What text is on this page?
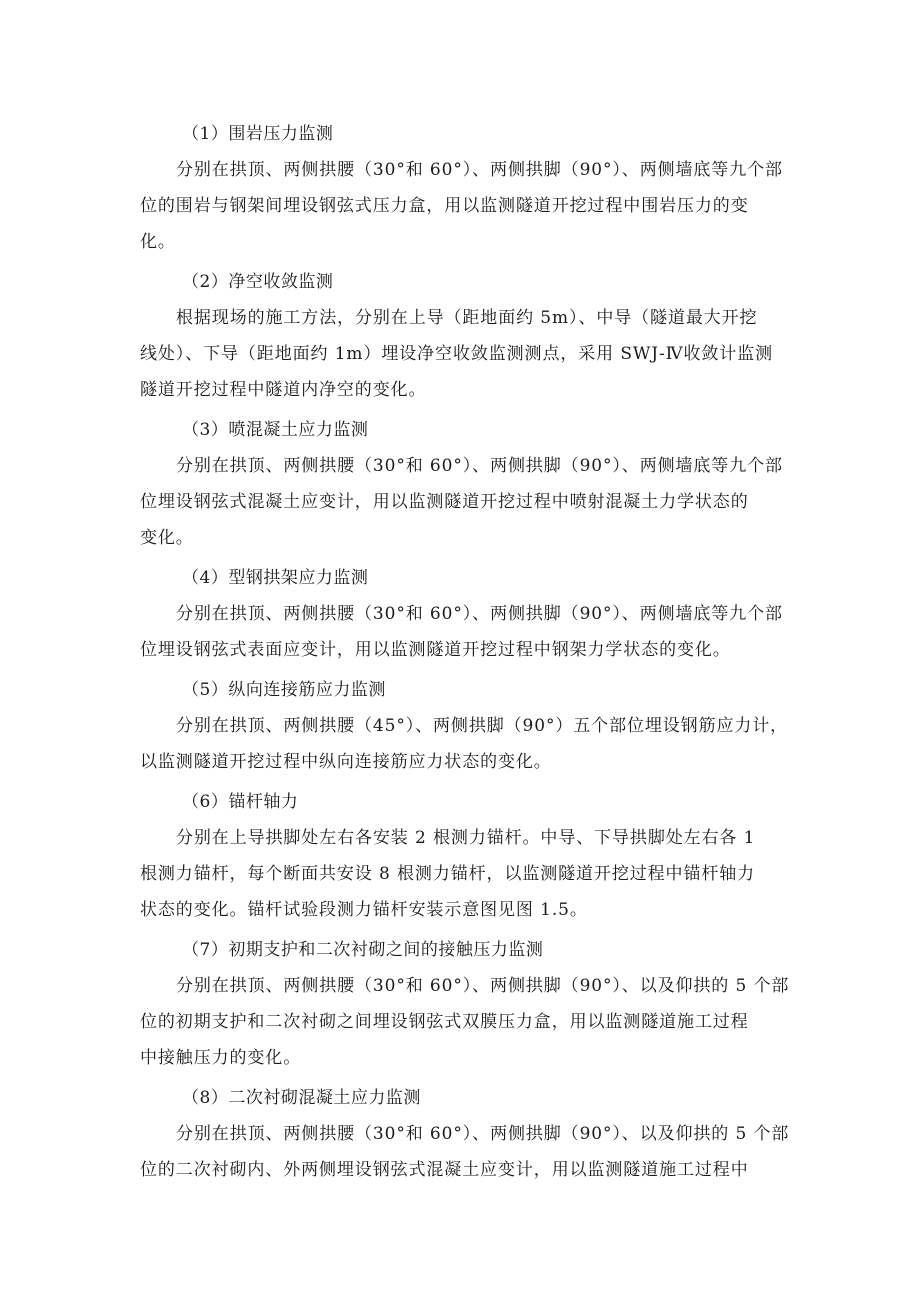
（1）围岩压力监测

分别在拱顶、两侧拱腰（30°和 60°）、两侧拱脚（90°）、两侧墙底等九个部
位的围岩与钢架间埋设钢弦式压力盒，用以监测隧道开挖过程中围岩压力的变
化。

（2）净空收敛监测

根据现场的施工方法，分别在上导（距地面约 5m）、中导（隧道最大开挖
线处）、下导（距地面约 1m）埋设净空收敛监测测点，采用 SWJ-Ⅳ收敛计监测
隧道开挖过程中隧道内净空的变化。

（3）喷混凝土应力监测

分别在拱顶、两侧拱腰（30°和 60°）、两侧拱脚（90°）、两侧墙底等九个部
位埋设钢弦式混凝土应变计，用以监测隧道开挖过程中喷射混凝土力学状态的
变化。

（4）型钢拱架应力监测

分别在拱顶、两侧拱腰（30°和 60°）、两侧拱脚（90°）、两侧墙底等九个部
位埋设钢弦式表面应变计，用以监测隧道开挖过程中钢架力学状态的变化。

（5）纵向连接筋应力监测

分别在拱顶、两侧拱腰（45°）、两侧拱脚（90°）五个部位埋设钢筋应力计，
以监测隧道开挖过程中纵向连接筋应力状态的变化。

（6）锚杆轴力

分别在上导拱脚处左右各安装 2 根测力锚杆。中导、下导拱脚处左右各 1
根测力锚杆，每个断面共安设 8 根测力锚杆，以监测隧道开挖过程中锚杆轴力
状态的变化。锚杆试验段测力锚杆安装示意图见图 1.5。

（7）初期支护和二次衬砌之间的接触压力监测

分别在拱顶、两侧拱腰（30°和 60°）、两侧拱脚（90°）、以及仰拱的 5 个部
位的初期支护和二次衬砌之间埋设钢弦式双膜压力盒，用以监测隧道施工过程
中接触压力的变化。

（8）二次衬砌混凝土应力监测

分别在拱顶、两侧拱腰（30°和 60°）、两侧拱脚（90°）、以及仰拱的 5 个部
位的二次衬砌内、外两侧埋设钢弦式混凝土应变计，用以监测隧道施工过程中
